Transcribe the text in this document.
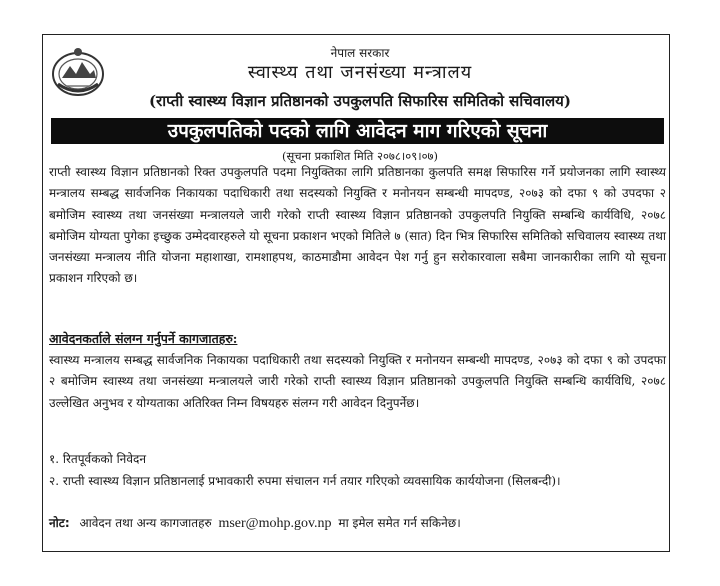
नेपाल सरकार
स्वास्थ्य तथा जनसंख्या मन्त्रालय
(राप्ती स्वास्थ्य विज्ञान प्रतिष्ठानको उपकुलपति सिफारिस समितिको सचिवालय)
उपकुलपतिको पदको लागि आवेदन माग गरिएको सूचना
(सूचना प्रकाशित मिति २०७८।०९।०७)

राप्ती स्वास्थ्य विज्ञान प्रतिष्ठानको रिक्त उपकुलपति पदमा नियुक्तिका लागि प्रतिष्ठानका कुलपति समक्ष सिफारिस गर्ने प्रयोजनका लागि स्वास्थ्य मन्त्रालय सम्बद्ध सार्वजनिक निकायका पदाधिकारी तथा सदस्यको नियुक्ति र मनोनयन सम्बन्धी मापदण्ड, २०७३ को दफा ९ को उपदफा २ बमोजिम स्वास्थ्य तथा जनसंख्या मन्त्रालयले जारी गरेको राप्ती स्वास्थ्य विज्ञान प्रतिष्ठानको उपकुलपति नियुक्ति सम्बन्धि कार्यविधि, २०७८ बमोजिम योग्यता पुगेका इच्छुक उम्मेदवारहरुले यो सूचना प्रकाशन भएको मितिले ७ (सात) दिन भित्र सिफारिस समितिको सचिवालय स्वास्थ्य तथा जनसंख्या मन्त्रालय नीति योजना महाशाखा, रामशाहपथ, काठमाडौमा आवेदन पेश गर्नु हुन सरोकारवाला सबैमा जानकारीका लागि यो सूचना प्रकाशन गरिएको छ।

आवेदनकर्ताले संलग्न गर्नुपर्ने कागजातहरु:

स्वास्थ्य मन्त्रालय सम्बद्ध सार्वजनिक निकायका पदाधिकारी तथा सदस्यको नियुक्ति र मनोनयन सम्बन्धी मापदण्ड, २०७३ को दफा ९ को उपदफा २ बमोजिम स्वास्थ्य तथा जनसंख्या मन्त्रालयले जारी गरेको राप्ती स्वास्थ्य विज्ञान प्रतिष्ठानको उपकुलपति नियुक्ति सम्बन्धि कार्यविधि, २०७८ उल्लेखित अनुभव र योग्यताका अतिरिक्त निम्न विषयहरु संलग्न गरी आवेदन दिनुपर्नेछ।

१. रितपूर्वकको निवेदन
२. राप्ती स्वास्थ्य विज्ञान प्रतिष्ठानलाई प्रभावकारी रुपमा संचालन गर्न तयार गरिएको व्यवसायिक कार्ययोजना (सिलबन्दी)।
नोट: आवेदन तथा अन्य कागजातहरु mser@mohp.gov.np मा इमेल समेत गर्न सकिनेछ।
